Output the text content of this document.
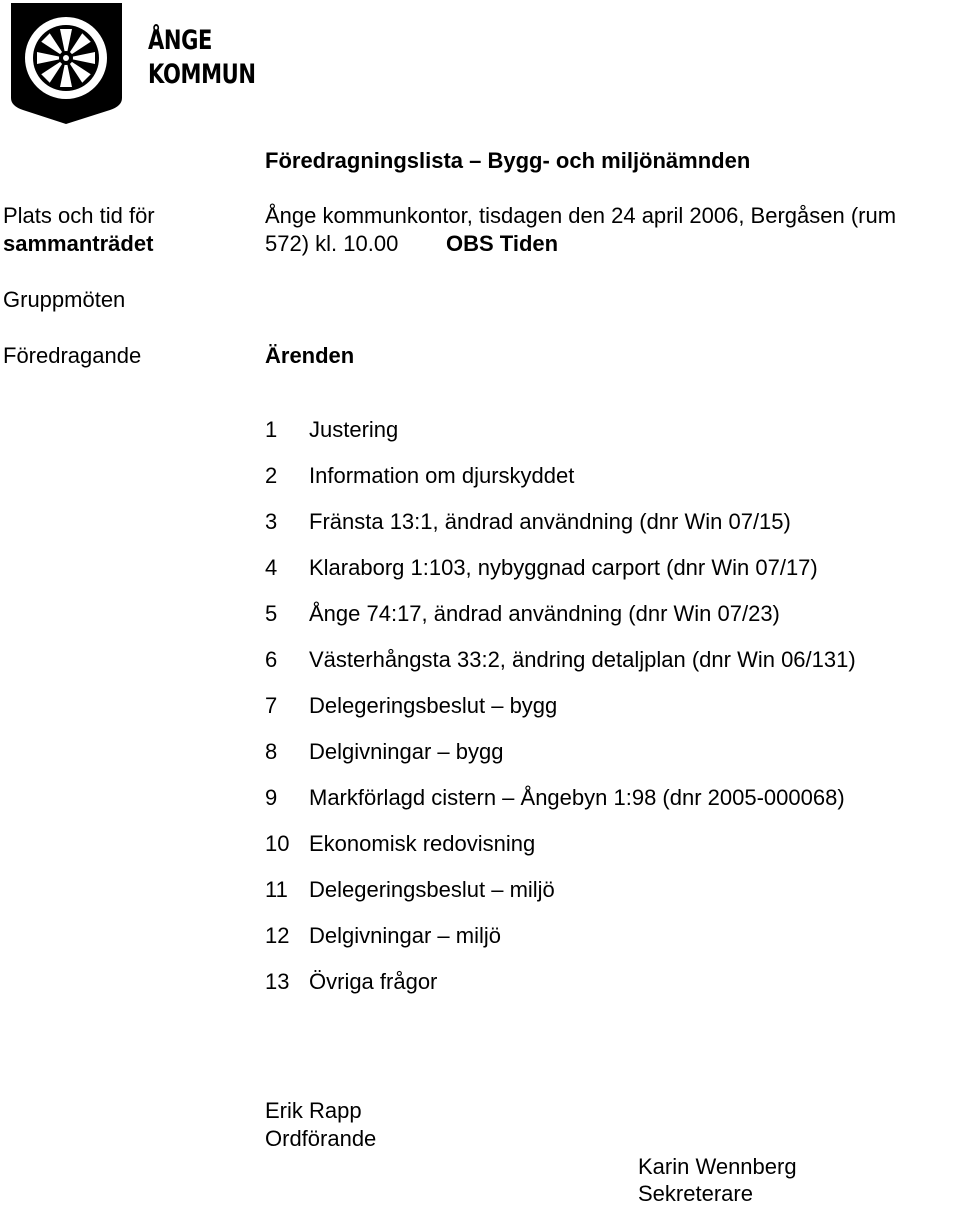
ÅNGE
KOMMUN
Föredragningslista – Bygg- och miljönämnden
Plats och tid för
sammanträdet
Ånge kommunkontor, tisdagen den 24 april 2006, Bergåsen (rum
572) kl. 10.00 OBS Tiden
Gruppmöten
Föredragande	Ärenden
1 Justering
2 Information om djurskyddet
3 Fränsta 13:1, ändrad användning (dnr Win 07/15)
4 Klaraborg 1:103, nybyggnad carport (dnr Win 07/17)
5 Ånge 74:17, ändrad användning (dnr Win 07/23)
6 Västerhångsta 33:2, ändring detaljplan (dnr Win 06/131)
7 Delegeringsbeslut – bygg
8 Delgivningar – bygg
9 Markförlagd cistern – Ångebyn 1:98 (dnr 2005-000068)
10 Ekonomisk redovisning
11 Delegeringsbeslut – miljö
12 Delgivningar – miljö
13 Övriga frågor
Erik Rapp
Ordförande
Karin Wennberg
Sekreterare
